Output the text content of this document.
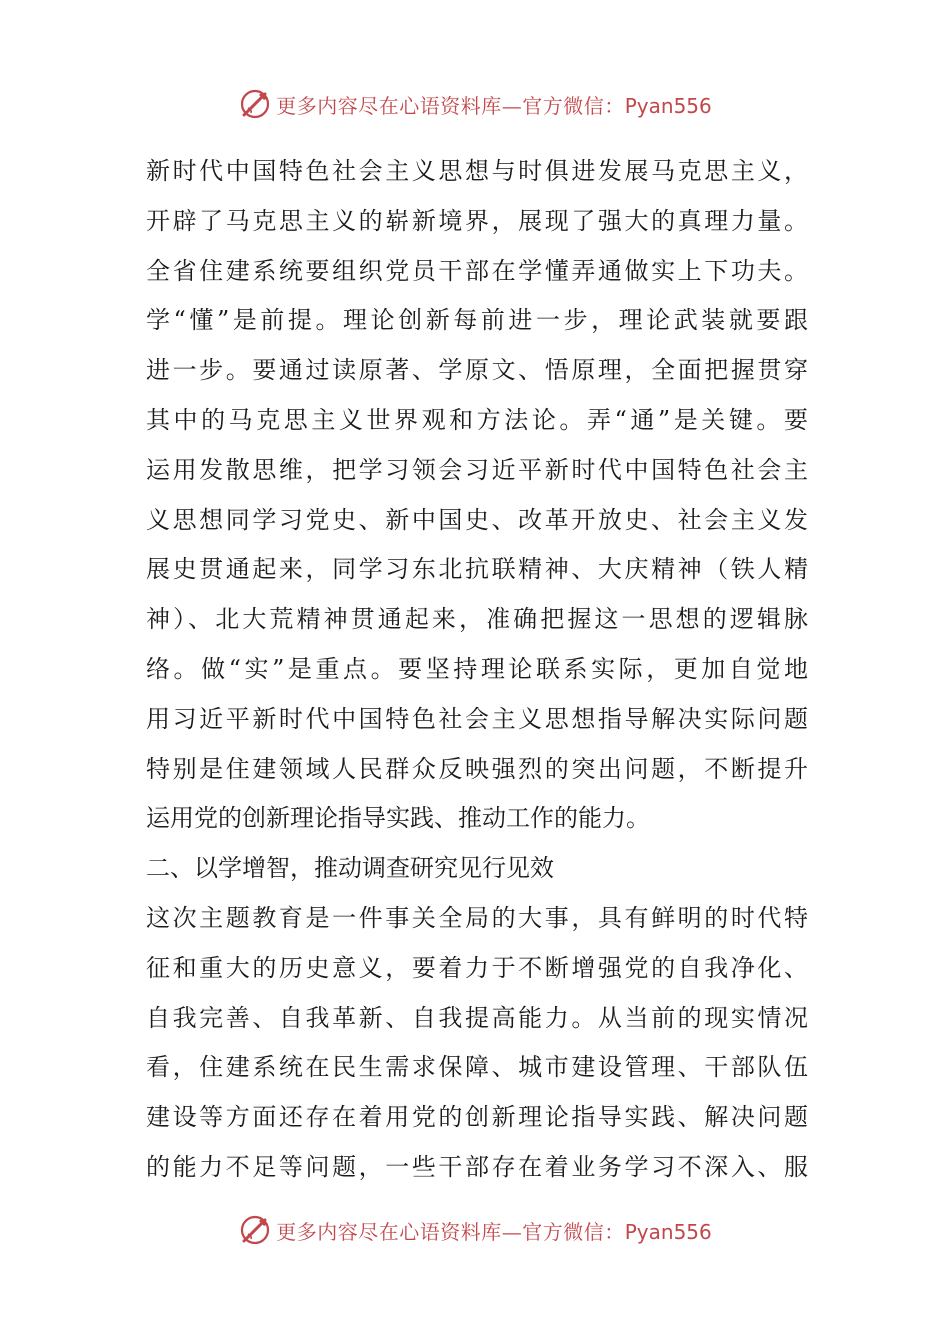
更多内容尽在心语资料库—官方微信：Pyan556
新时代中国特色社会主义思想与时俱进发展马克思主义，
开辟了马克思主义的崭新境界，展现了强大的真理力量。
全省住建系统要组织党员干部在学懂弄通做实上下功夫。
学“懂”是前提。理论创新每前进一步，理论武装就要跟
进一步。要通过读原著、学原文、悟原理，全面把握贯穿
其中的马克思主义世界观和方法论。弄“通”是关键。要
运用发散思维，把学习领会习近平新时代中国特色社会主
义思想同学习党史、新中国史、改革开放史、社会主义发
展史贯通起来，同学习东北抗联精神、大庆精神（铁人精
神）、北大荒精神贯通起来，准确把握这一思想的逻辑脉
络。做“实”是重点。要坚持理论联系实际，更加自觉地
用习近平新时代中国特色社会主义思想指导解决实际问题
特别是住建领域人民群众反映强烈的突出问题，不断提升
运用党的创新理论指导实践、推动工作的能力。
二、以学增智，推动调查研究见行见效
这次主题教育是一件事关全局的大事，具有鲜明的时代特
征和重大的历史意义，要着力于不断增强党的自我净化、
自我完善、自我革新、自我提高能力。从当前的现实情况
看，住建系统在民生需求保障、城市建设管理、干部队伍
建设等方面还存在着用党的创新理论指导实践、解决问题
的能力不足等问题，一些干部存在着业务学习不深入、服
更多内容尽在心语资料库—官方微信：Pyan556
